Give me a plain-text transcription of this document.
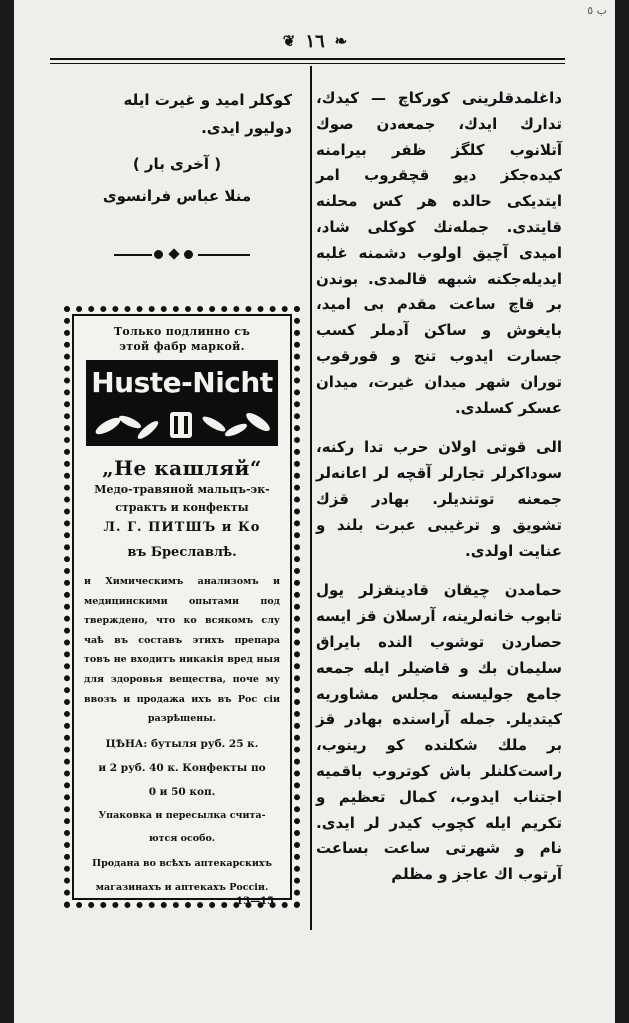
ب ٥
❦ ١٦ ❧

داغلمدقلرینی کورکاچ — کیدك، تدارك ایدك، جمعه‌دن صوك آتلانوب کلگز ظفر بیرامنه کیده‌جکز دیو قچقروب امر ایتدیکی حالده هر کس محلنه قایتدی. جمله‌نك کوکلی شاد، امیدی آچیق اولوب دشمنه غلبه ایدیله‌جکنه شبهه قالمدی. بوندن بر قاچ ساعت مقدم بی امید، بایغوش و ساکن آدملر کسب جسارت ایدوب تنج و قورقوب توران شهر میدان غیرت، میدان عسکر کسلدی.

الی قوتی اولان حرب تدا رکنه، سوداکرلر تجارلر آقچه لر اعانه‌لر جمعنه توتندیلر. بهادر قزك تشویق و ترغیبی عبرت بلند و عنایت اولدی.

حمامدن چیقان قادینقزلر یول تابوب خانه‌لرینه، آرسلان قز ایسه حصاردن توشوب النده بایراق سلیمان بك و قاضیلر ایله جمعه جامع جولیسنه مجلس مشاوریه کیتدیلر. جمله آراسنده بهادر قز بر ملك شکلنده کو رینوب، راست‌کلنلر باش کوتروب باقمیه اجتناب ایدوب، کمال تعظیم و تکریم ایله کچوب کیدر لر ایدی. نام و شهرتی ساعت بساعت آرتوب اك عاجز و مظلم

کوکلر امید و غیرت ایله
دولیور ایدی.
( آخری بار )
منلا عباس فرانسوی
Только подлинно съ
этой фабр маркой.
Huste-Nicht
„Не кашляй“
Медо-травяной мальцъ-эк-
страктъ и конфекты
Л. Г. ПИТШЪ и Ко
въ Бреславлѣ.
и Химическимъ анализомъ и медицинскими опытами под тверждено, что ко всякомъ слу чаѣ въ составъ этихъ препара товъ не входитъ никакія вред ныя для здоровья вещества, поче му ввозъ и продажа ихъ въ Рос сіи разрѣшены.
ЦѢНА: бутыля руб. 25 к.
и 2 руб. 40 к. Конфекты по
0 и 50 коп.
Упаковка и пересылка счита-
ются особо.
Продана во всѣхъ аптекарскихъ
магазинахъ и аптекахъ Россіи.
13—15
